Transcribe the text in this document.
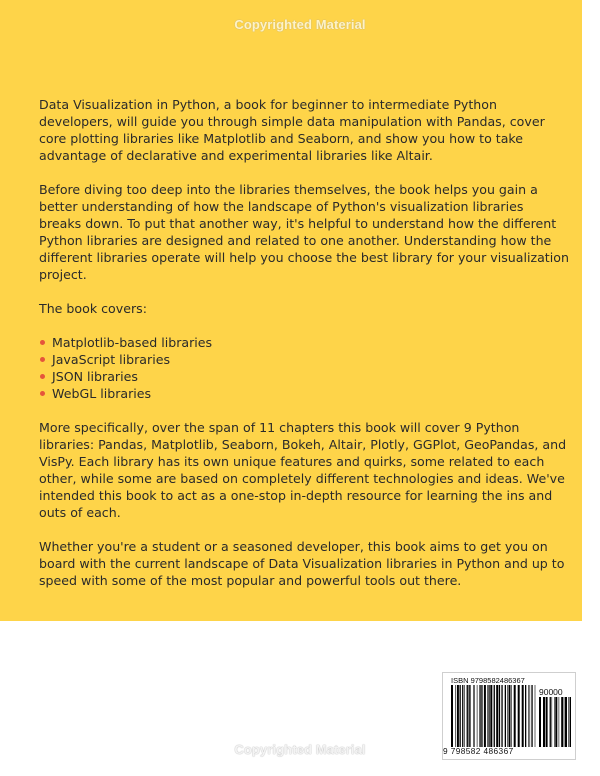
Copyrighted Material

Data Visualization in Python, a book for beginner to intermediate Python developers, will guide you through simple data manipulation with Pandas, cover core plotting libraries like Matplotlib and Seaborn, and show you how to take advantage of declarative and experimental libraries like Altair.

Before diving too deep into the libraries themselves, the book helps you gain a better understanding of how the landscape of Python's visualization libraries breaks down. To put that another way, it's helpful to understand how the different Python libraries are designed and related to one another. Understanding how the different libraries operate will help you choose the best library for your visualization project.

The book covers:

Matplotlib-based libraries
JavaScript libraries
JSON libraries
WebGL libraries

More specifically, over the span of 11 chapters this book will cover 9 Python libraries: Pandas, Matplotlib, Seaborn, Bokeh, Altair, Plotly, GGPlot, GeoPandas, and VisPy. Each library has its own unique features and quirks, some related to each other, while some are based on completely different technologies and ideas. We've intended this book to act as a one-stop in-depth resource for learning the ins and outs of each.

Whether you're a student or a seasoned developer, this book aims to get you on board with the current landscape of Data Visualization libraries in Python and up to speed with some of the most popular and powerful tools out there.

ISBN 9798582486367
90000
9 798582 486367
Copyrighted Material
